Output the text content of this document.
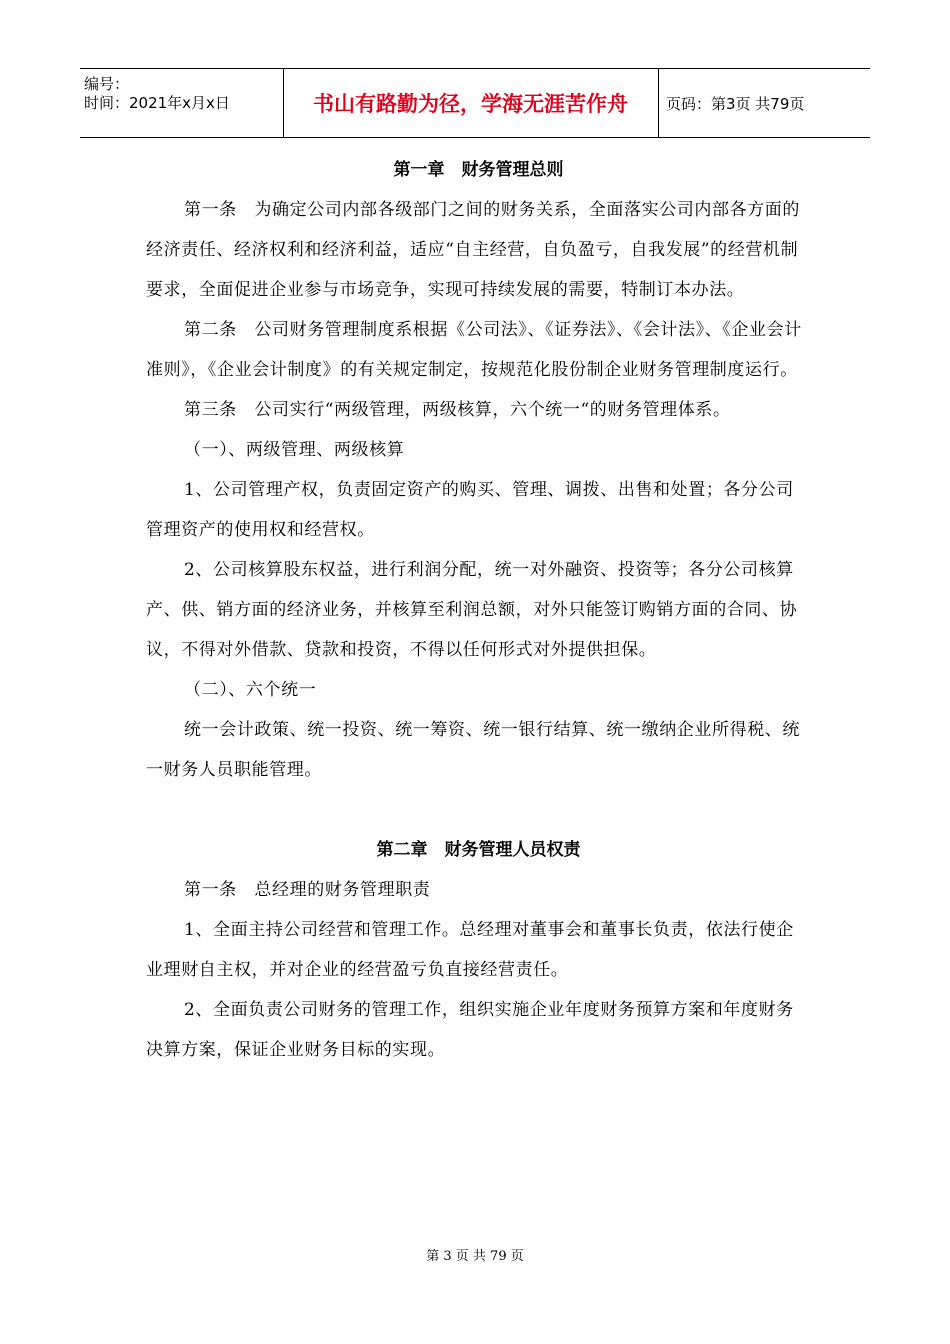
编号：
时间：2021年x月x日	书山有路勤为径，学海无涯苦作舟	页码：第3页 共79页
第一章　财务管理总则

第一条　为确定公司内部各级部门之间的财务关系，全面落实公司内部各方面的经济责任、经济权利和经济利益，适应“自主经营，自负盈亏，自我发展”的经营机制要求，全面促进企业参与市场竞争，实现可持续发展的需要，特制订本办法。

第二条　公司财务管理制度系根据《公司法》、《证券法》、《会计法》、《企业会计准则》，《企业会计制度》的有关规定制定，按规范化股份制企业财务管理制度运行。

第三条　公司实行“两级管理，两级核算，六个统一“的财务管理体系。

（一）、两级管理、两级核算

1、公司管理产权，负责固定资产的购买、管理、调拨、出售和处置；各分公司管理资产的使用权和经营权。

2、公司核算股东权益，进行利润分配，统一对外融资、投资等；各分公司核算产、供、销方面的经济业务，并核算至利润总额，对外只能签订购销方面的合同、协议，不得对外借款、贷款和投资，不得以任何形式对外提供担保。

（二）、六个统一

统一会计政策、统一投资、统一筹资、统一银行结算、统一缴纳企业所得税、统一财务人员职能管理。

第二章　财务管理人员权责

第一条　总经理的财务管理职责

1、全面主持公司经营和管理工作。总经理对董事会和董事长负责，依法行使企业理财自主权，并对企业的经营盈亏负直接经营责任。

2、全面负责公司财务的管理工作，组织实施企业年度财务预算方案和年度财务决算方案，保证企业财务目标的实现。

第 3 页 共 79 页
